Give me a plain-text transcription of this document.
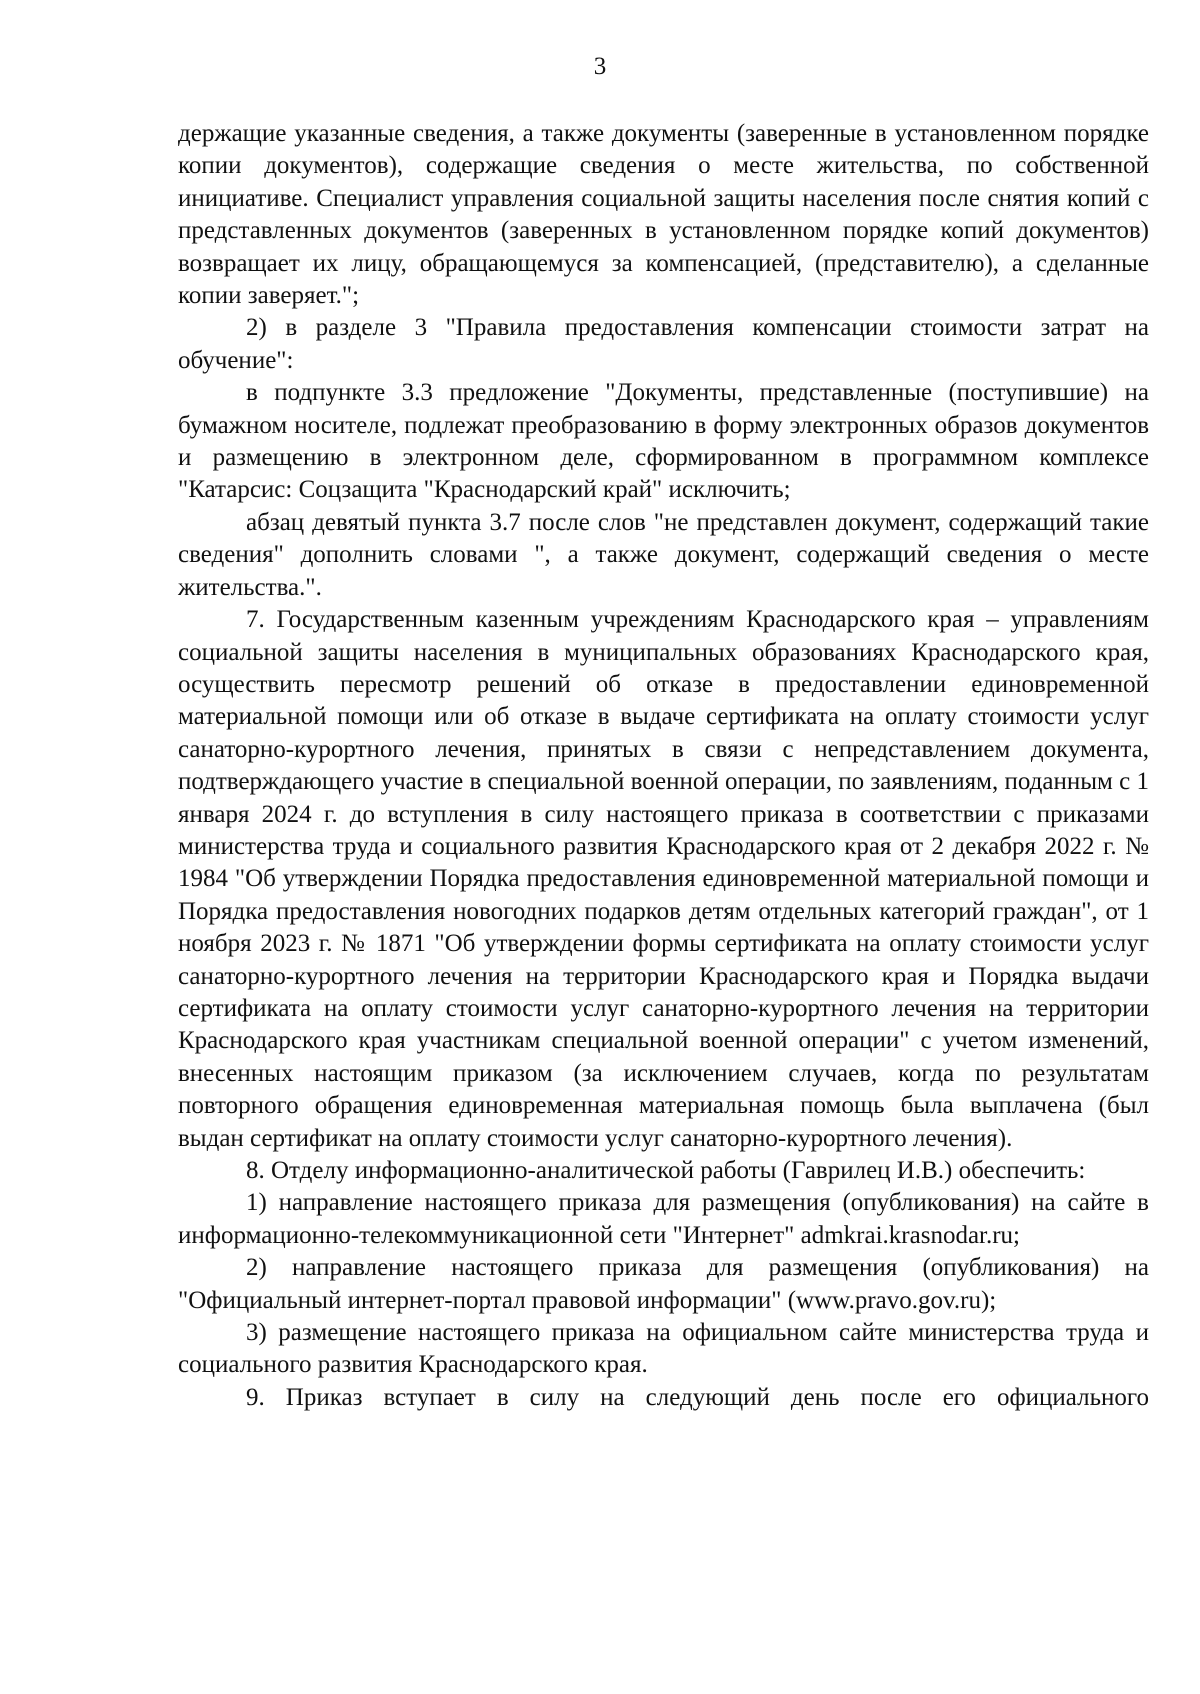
3

держащие указанные сведения, а также документы (заверенные в установленном порядке копии документов), содержащие сведения о месте жительства, по собственной инициативе. Специалист управления социальной защиты населения после снятия копий с представленных документов (заверенных в установленном порядке копий документов) возвращает их лицу, обращающемуся за компенсацией, (представителю), а сделанные копии заверяет.";

2) в разделе 3 "Правила предоставления компенсации стоимости затрат на обучение":

в подпункте 3.3 предложение "Документы, представленные (поступившие) на бумажном носителе, подлежат преобразованию в форму электронных образов документов и размещению в электронном деле, сформированном в программном комплексе "Катарсис: Соцзащита "Краснодарский край" исключить;

абзац девятый пункта 3.7 после слов "не представлен документ, содержащий такие сведения" дополнить словами ", а также документ, содержащий сведения о месте жительства.".

7. Государственным казенным учреждениям Краснодарского края – управлениям социальной защиты населения в муниципальных образованиях Краснодарского края, осуществить пересмотр решений об отказе в предоставлении единовременной материальной помощи или об отказе в выдаче сертификата на оплату стоимости услуг санаторно-курортного лечения, принятых в связи с непредставлением документа, подтверждающего участие в специальной военной операции, по заявлениям, поданным с 1 января 2024 г. до вступления в силу настоящего приказа в соответствии с приказами министерства труда и социального развития Краснодарского края от 2 декабря 2022 г. № 1984 "Об утверждении Порядка предоставления единовременной материальной помощи и Порядка предоставления новогодних подарков детям отдельных категорий граждан", от 1 ноября 2023 г. № 1871 "Об утверждении формы сертификата на оплату стоимости услуг санаторно-курортного лечения на территории Краснодарского края и Порядка выдачи сертификата на оплату стоимости услуг санаторно-курортного лечения на территории Краснодарского края участникам специальной военной операции" с учетом изменений, внесенных настоящим приказом (за исключением случаев, когда по результатам повторного обращения единовременная материальная помощь была выплачена (был выдан сертификат на оплату стоимости услуг санаторно-курортного лечения).

8. Отделу информационно-аналитической работы (Гаврилец И.В.) обеспечить:

1) направление настоящего приказа для размещения (опубликования) на сайте в информационно-телекоммуникационной сети "Интернет" admkrai.krasnodar.ru;

2) направление настоящего приказа для размещения (опубликования) на "Официальный интернет-портал правовой информации" (www.pravo.gov.ru);

3) размещение настоящего приказа на официальном сайте министерства труда и социального развития Краснодарского края.

9. Приказ вступает в силу на следующий день после его официального
